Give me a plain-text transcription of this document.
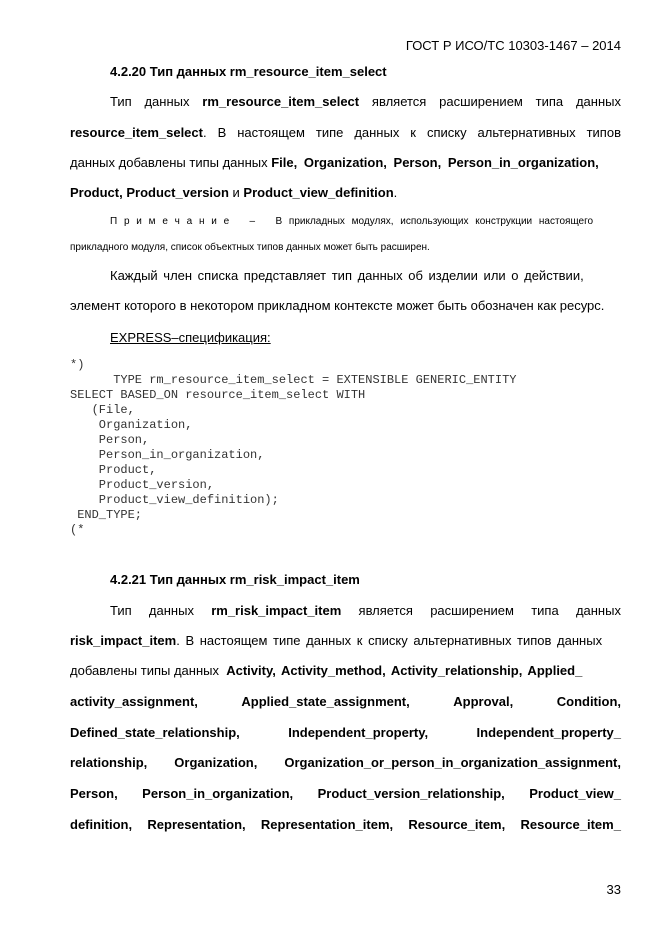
ГОСТ Р ИСО/ТС 10303-1467 – 2014
4.2.20 Тип данных rm_resource_item_select
Тип данных rm_resource_item_select является расширением типа данных
resource_item_select. В настоящем типе данных к списку альтернативных типов
данных добавлены типы данных
File, Organization, Person, Person_in_organization,
Product, Product_version и Product_view_definition .
П р и м е ч а н и е   –   В прикладных модулях, использующих конструкции настоящего
прикладного модуля, список объектных типов данных может быть расширен.
Каждый член списка представляет тип данных об изделии или о действии,
элемент которого в некотором прикладном контексте может быть обозначен как ресурс.
EXPRESS–спецификация:
*)
TYPE rm_resource_item_select = EXTENSIBLE GENERIC_ENTITY
SELECT BASED_ON resource_item_select WITH
(File,
Organization,
Person,
Person_in_organization,
Product,
Product_version,
Product_view_definition);
END_TYPE;
(*
4.2.21 Тип данных rm_risk_impact_item
Тип данных rm_risk_impact_item является расширением типа данных
risk_impact_item . В настоящем типе данных к списку альтернативных типов данных
добавлены типы данных
Activity, Activity_method, Activity_relationship, Applied_
activity_assignment,	Applied_state_assignment,	Approval,	Condition,
Defined_state_relationship,	Independent_property,	Independent_property_
relationship, Organization, Organization_or_person_in_organization_assignment,
Person, Person_in_organization, Product_version_relationship, Product_view_
definition, Representation, Representation_item, Resource_item, Resource_item_
33
